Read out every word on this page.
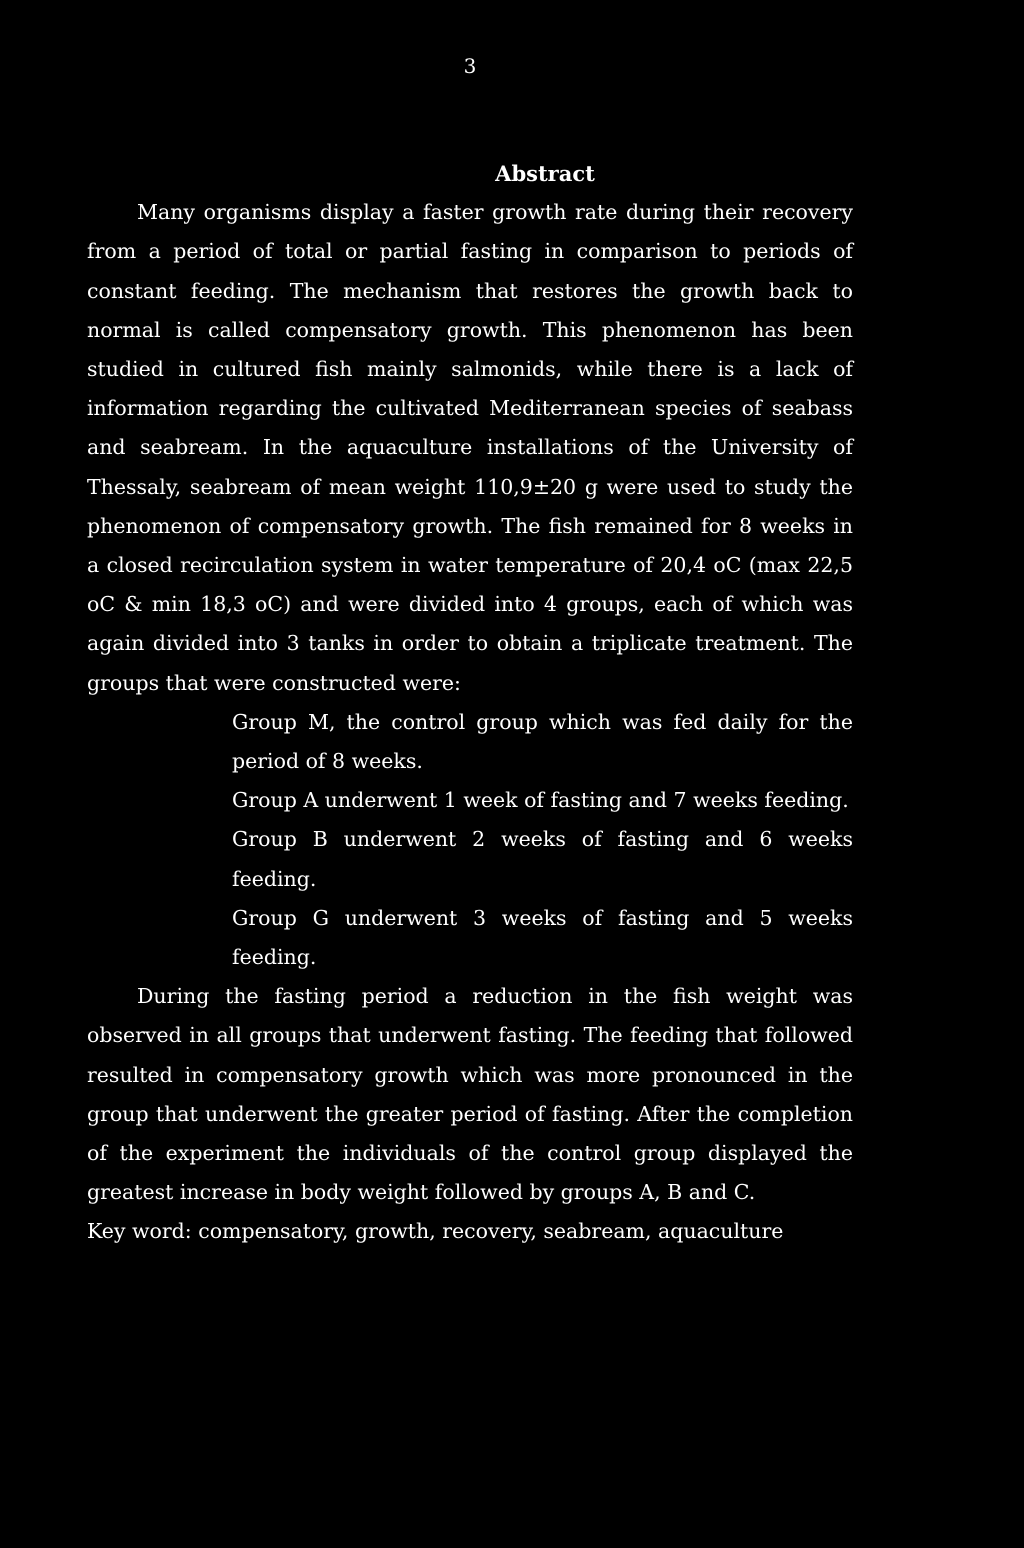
3
Abstract

Many organisms display a faster growth rate during their recovery from a period of total or partial fasting in comparison to periods of constant feeding. The mechanism that restores the growth back to normal is called compensatory growth. This phenomenon has been studied in cultured fish mainly salmonids, while there is a lack of information regarding the cultivated Mediterranean species of seabass and seabream. In the aquaculture installations of the University of Thessaly, seabream of mean weight 110,9±20 g were used to study the phenomenon of compensatory growth. The fish remained for 8 weeks in a closed recirculation system in water temperature of 20,4 oC (max 22,5 oC & min 18,3 oC) and were divided into 4 groups, each of which was again divided into 3 tanks in order to obtain a triplicate treatment. The groups that were constructed were:

Group M, the control group which was fed daily for the period of 8 weeks.

Group A underwent 1 week of fasting and 7 weeks feeding.

Group B underwent 2 weeks of fasting and 6 weeks feeding.

Group G underwent 3 weeks of fasting and 5 weeks feeding.

During the fasting period a reduction in the fish weight was observed in all groups that underwent fasting. The feeding that followed resulted in compensatory growth which was more pronounced in the group that underwent the greater period of fasting. After the completion of the experiment the individuals of the control group displayed the greatest increase in body weight followed by groups A, B and C.

Key word: compensatory, growth, recovery, seabream, aquaculture
